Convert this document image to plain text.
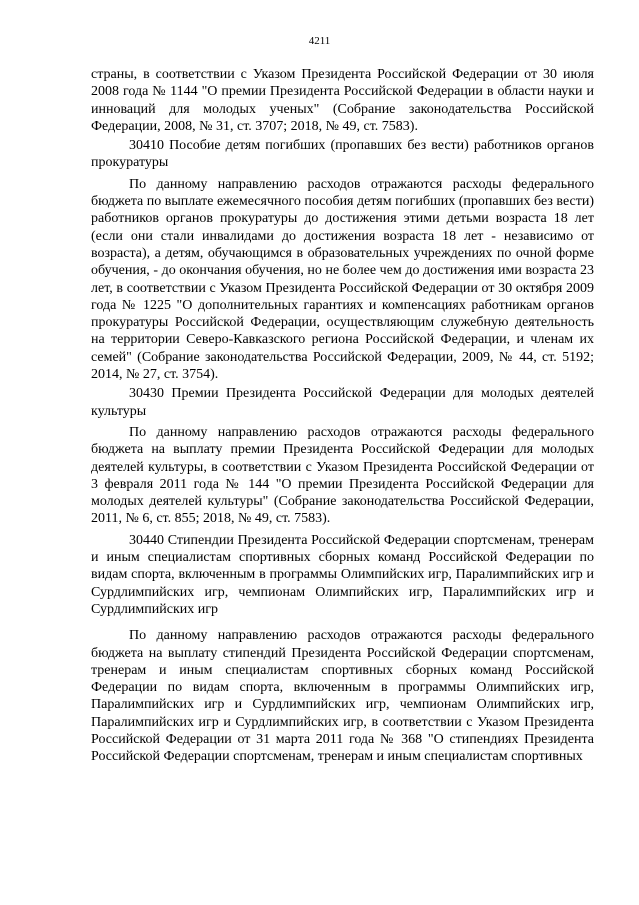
4211

страны, в соответствии с Указом Президента Российской Федерации от 30 июля 2008 года № 1144 "О премии Президента Российской Федерации в области науки и инноваций для молодых ученых" (Собрание законодательства Российской Федерации, 2008, № 31, ст. 3707; 2018, № 49, ст. 7583).

30410 Пособие детям погибших (пропавших без вести) работников органов прокуратуры

По данному направлению расходов отражаются расходы федерального бюджета по выплате ежемесячного пособия детям погибших (пропавших без вести) работников органов прокуратуры до достижения этими детьми возраста 18 лет (если они стали инвалидами до достижения возраста 18 лет - независимо от возраста), а детям, обучающимся в образовательных учреждениях по очной форме обучения, - до окончания обучения, но не более чем до достижения ими возраста 23 лет, в соответствии с Указом Президента Российской Федерации от 30 октября 2009 года № 1225 "О дополнительных гарантиях и компенсациях работникам органов прокуратуры Российской Федерации, осуществляющим служебную деятельность на территории Северо-Кавказского региона Российской Федерации, и членам их семей" (Собрание законодательства Российской Федерации, 2009, № 44, ст. 5192; 2014, № 27, ст. 3754).

30430 Премии Президента Российской Федерации для молодых деятелей культуры

По данному направлению расходов отражаются расходы федерального бюджета на выплату премии Президента Российской Федерации для молодых деятелей культуры, в соответствии с Указом Президента Российской Федерации от 3 февраля 2011 года № 144 "О премии Президента Российской Федерации для молодых деятелей культуры" (Собрание законодательства Российской Федерации, 2011, № 6, ст. 855; 2018, № 49, ст. 7583).

30440 Стипендии Президента Российской Федерации спортсменам, тренерам и иным специалистам спортивных сборных команд Российской Федерации по видам спорта, включенным в программы Олимпийских игр, Паралимпийских игр и Сурдлимпийских игр, чемпионам Олимпийских игр, Паралимпийских игр и Сурдлимпийских игр

По данному направлению расходов отражаются расходы федерального бюджета на выплату стипендий Президента Российской Федерации спортсменам, тренерам и иным специалистам спортивных сборных команд Российской Федерации по видам спорта, включенным в программы Олимпийских игр, Паралимпийских игр и Сурдлимпийских игр, чемпионам Олимпийских игр, Паралимпийских игр и Сурдлимпийских игр, в соответствии с Указом Президента Российской Федерации от 31 марта 2011 года № 368 "О стипендиях Президента Российской Федерации спортсменам, тренерам и иным специалистам спортивных
